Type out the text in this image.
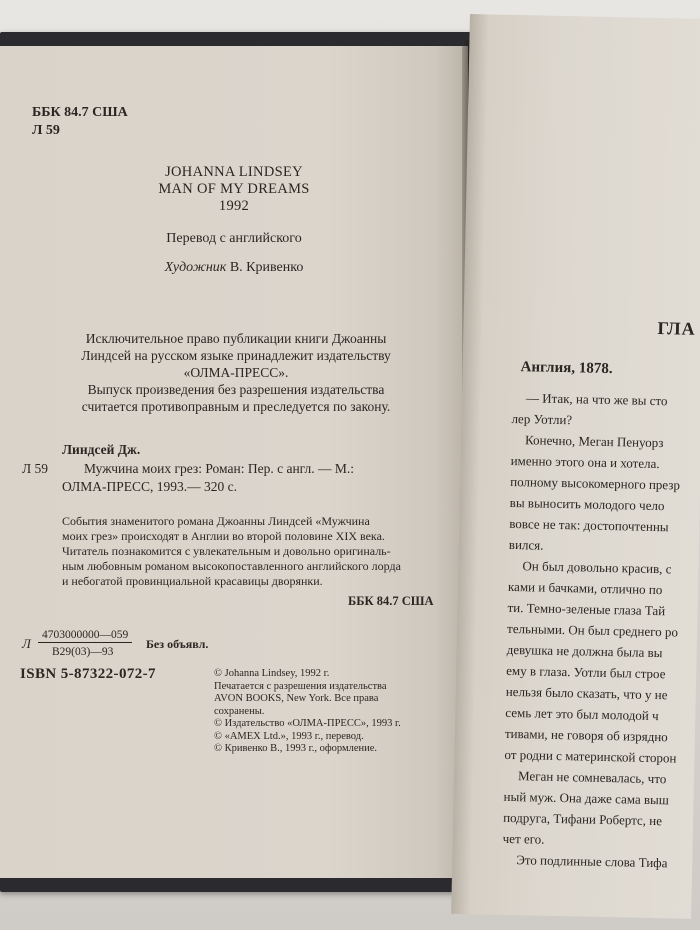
ББК 84.7 США
Л 59
JOHANNA LINDSEY
MAN OF MY DREAMS
1992
Перевод с английского
Художник В. Кривенко
Исключительное право публикации книги Джоанны
Линдсей на русском языке принадлежит издательству
«ОЛМА-ПРЕСС».
Выпуск произведения без разрешения издательства
считается противоправным и преследуется по закону.
Линдсей Дж.
Л 59	Мужчина моих грез: Роман: Пер. с англ. — М.:
ОЛМА-ПРЕСС, 1993.— 320 с.
События знаменитого романа Джоанны Линдсей «Мужчина
моих грез» происходят в Англии во второй половине XIX века.
Читатель познакомится с увлекательным и довольно оригиналь-
ным любовным романом высокопоставленного английского лорда
и небогатой провинциальной красавицы дворянки.
ББК 84.7 США
Л
4703000000—059
В29(03)—93
Без объявл.
ISBN 5-87322-072-7	© Johanna Lindsey, 1992 г.
Печатается с разрешения издательства
AVON BOOKS, New York. Все права
сохранены.
© Издательство «ОЛМА-ПРЕСС», 1993 г.
© «AMEX Ltd.», 1993 г., перевод.
© Кривенко В., 1993 г., оформление.
ГЛА
Англия, 1878.
— Итак, на что же вы сто
лер Уотли?
Конечно, Меган Пенуорз
именно этого она и хотела.
полному высокомерного презр
вы выносить молодого чело
вовсе не так: достопочтенны
вился.
Он был довольно красив, с
ками и бачками, отлично по
ти. Темно-зеленые глаза Тай
тельными. Он был среднего ро
девушка не должна была вы
ему в глаза. Уотли был строе
нельзя было сказать, что у не
семь лет это был молодой ч
тивами, не говоря об изрядно
от родни с материнской сторон
Меган не сомневалась, что
ный муж. Она даже сама выш
подруга, Тифани Робертс, не
чет его.
Это подлинные слова Тифа
